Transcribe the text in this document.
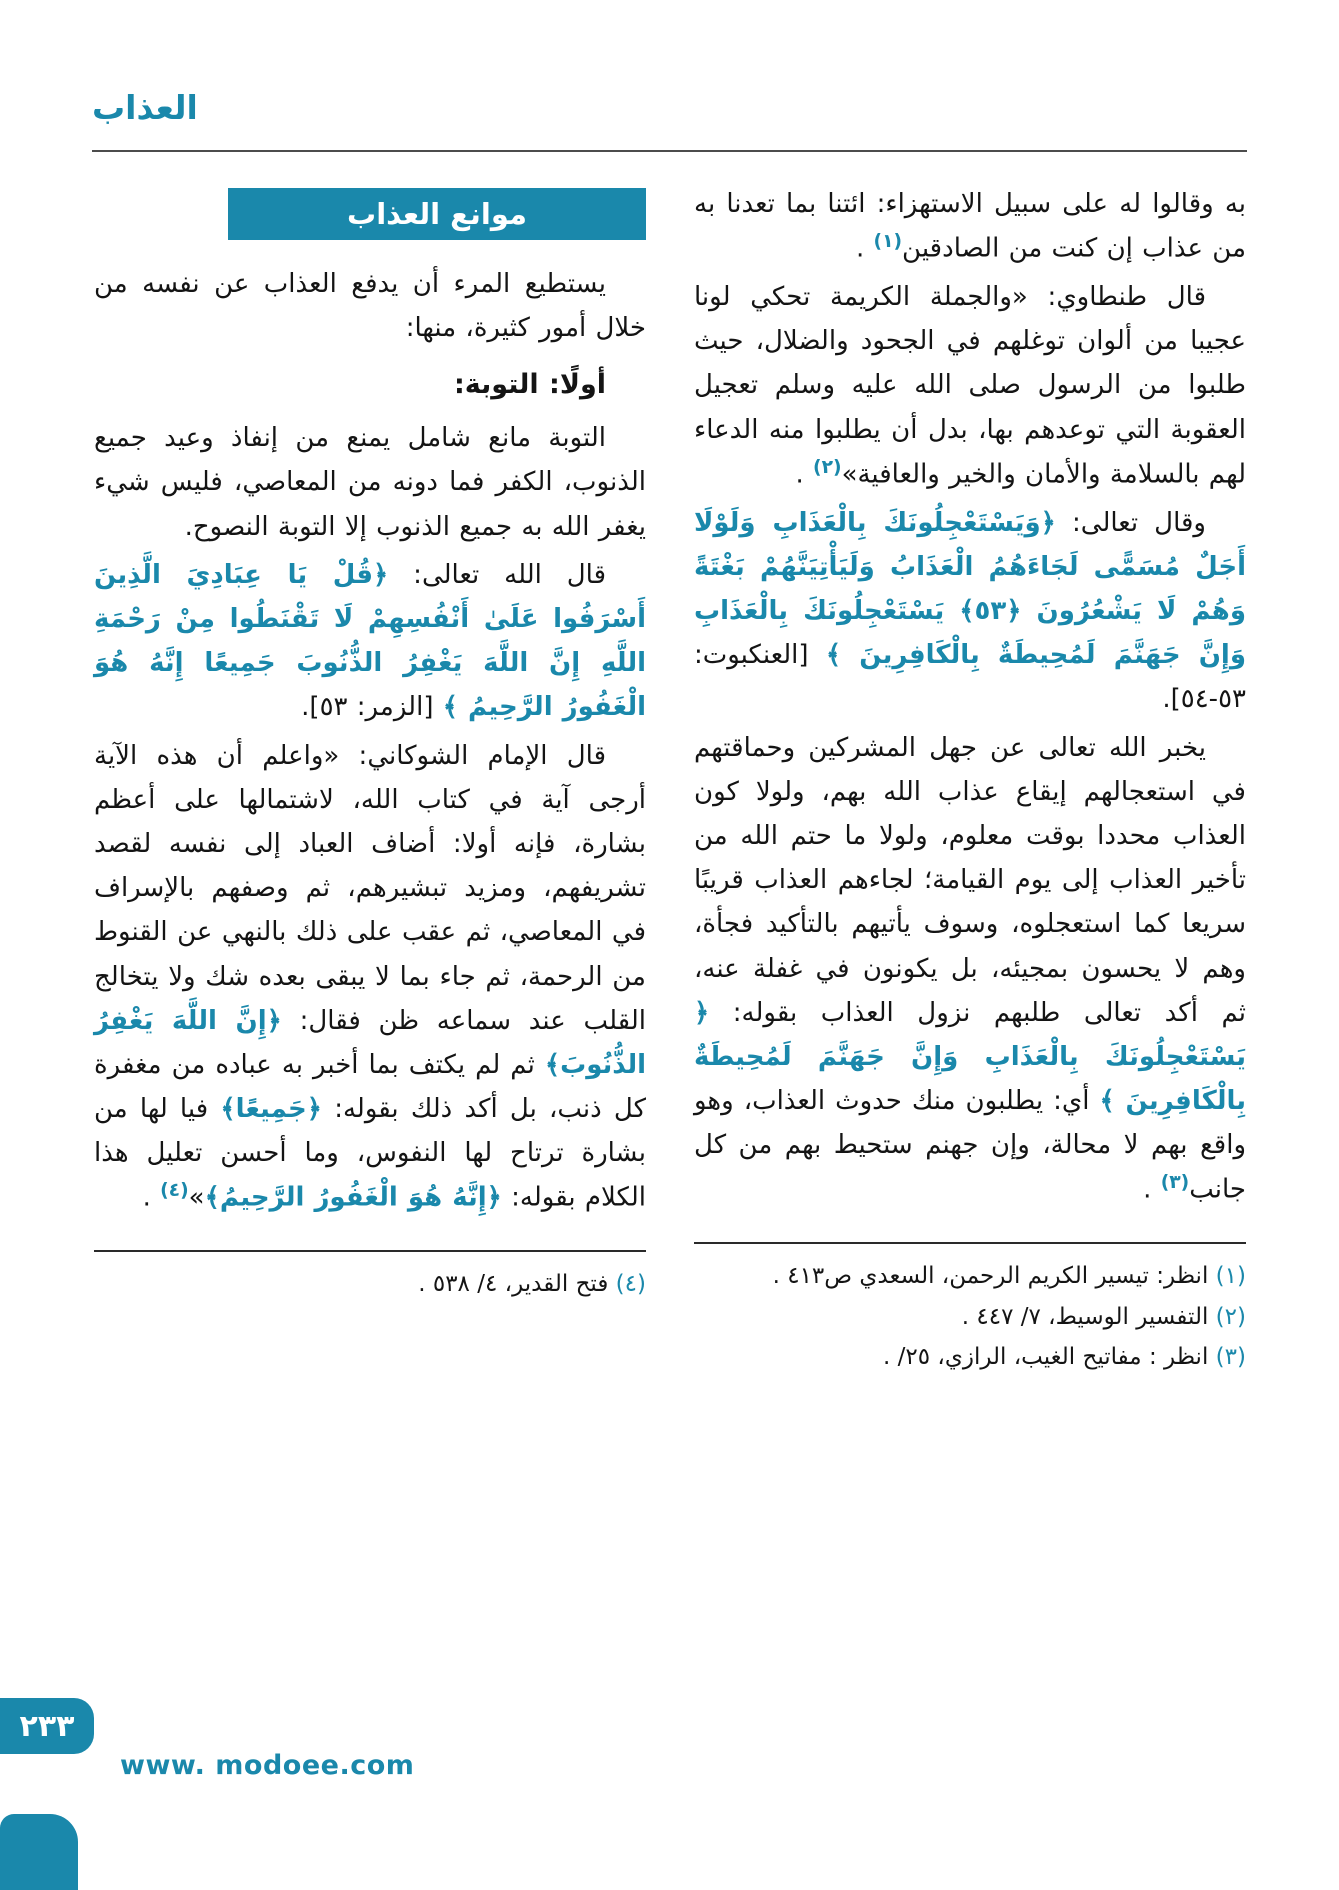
العذاب
به وقالوا له على سبيل الاستهزاء: ائتنا بما تعدنا به من عذاب إن كنت من الصادقين$^{(١)}$ .
قال طنطاوي: «والجملة الكريمة تحكي لونا عجيبا من ألوان توغلهم في الجحود والضلال، حيث طلبوا من الرسول صلى الله عليه وسلم تعجيل العقوبة التي توعدهم بها، بدل أن يطلبوا منه الدعاء لهم بالسلامة والأمان والخير والعافية»$^{(٢)}$ .
وقال تعالى: ﴿وَيَسْتَعْجِلُونَكَ بِالْعَذَابِ وَلَوْلَا أَجَلٌ مُسَمًّى لَجَاءَهُمُ الْعَذَابُ وَلَيَأْتِيَنَّهُمْ بَغْتَةً وَهُمْ لَا يَشْعُرُونَ ﴿٥٣﴾ يَسْتَعْجِلُونَكَ بِالْعَذَابِ وَإِنَّ جَهَنَّمَ لَمُحِيطَةٌ بِالْكَافِرِينَ ﴾ [العنكبوت: ٥٣-٥٤].
يخبر الله تعالى عن جهل المشركين وحماقتهم في استعجالهم إيقاع عذاب الله بهم، ولولا كون العذاب محددا بوقت معلوم، ولولا ما حتم الله من تأخير العذاب إلى يوم القيامة؛ لجاءهم العذاب قريبًا سريعا كما استعجلوه، وسوف يأتيهم بالتأكيد فجأة، وهم لا يحسون بمجيئه، بل يكونون في غفلة عنه، ثم أكد تعالى طلبهم نزول العذاب بقوله: ﴿ يَسْتَعْجِلُونَكَ بِالْعَذَابِ وَإِنَّ جَهَنَّمَ لَمُحِيطَةٌ بِالْكَافِرِينَ ﴾ أي: يطلبون منك حدوث العذاب، وهو واقع بهم لا محالة، وإن جهنم ستحيط بهم من كل جانب$^{(٣)}$ .
(١) انظر: تيسير الكريم الرحمن، السعدي ص٤١٣ .
(٢) التفسير الوسيط، ٧/ ٤٤٧ .
(٣) انظر : مفاتيح الغيب، الرازي، ٢٥/ .
موانع العذاب
يستطيع المرء أن يدفع العذاب عن نفسه من خلال أمور كثيرة، منها:
أولًا: التوبة:
التوبة مانع شامل يمنع من إنفاذ وعيد جميع الذنوب، الكفر فما دونه من المعاصي، فليس شيء يغفر الله به جميع الذنوب إلا التوبة النصوح.
قال الله تعالى: ﴿قُلْ يَا عِبَادِيَ الَّذِينَ أَسْرَفُوا عَلَىٰ أَنْفُسِهِمْ لَا تَقْنَطُوا مِنْ رَحْمَةِ اللَّهِ إِنَّ اللَّهَ يَغْفِرُ الذُّنُوبَ جَمِيعًا إِنَّهُ هُوَ الْغَفُورُ الرَّحِيمُ ﴾ [الزمر: ٥٣].
قال الإمام الشوكاني: «واعلم أن هذه الآية أرجى آية في كتاب الله، لاشتمالها على أعظم بشارة، فإنه أولا: أضاف العباد إلى نفسه لقصد تشريفهم، ومزيد تبشيرهم، ثم وصفهم بالإسراف في المعاصي، ثم عقب على ذلك بالنهي عن القنوط من الرحمة، ثم جاء بما لا يبقى بعده شك ولا يتخالج القلب عند سماعه ظن فقال: ﴿إِنَّ اللَّهَ يَغْفِرُ الذُّنُوبَ﴾ ثم لم يكتف بما أخبر به عباده من مغفرة كل ذنب، بل أكد ذلك بقوله: ﴿جَمِيعًا﴾ فيا لها من بشارة ترتاح لها النفوس، وما أحسن تعليل هذا الكلام بقوله: ﴿إِنَّهُ هُوَ الْغَفُورُ الرَّحِيمُ﴾»$^{(٤)}$ .
(٤) فتح القدير، ٤/ ٥٣٨ .
٢٣٣
www. modoee.com
